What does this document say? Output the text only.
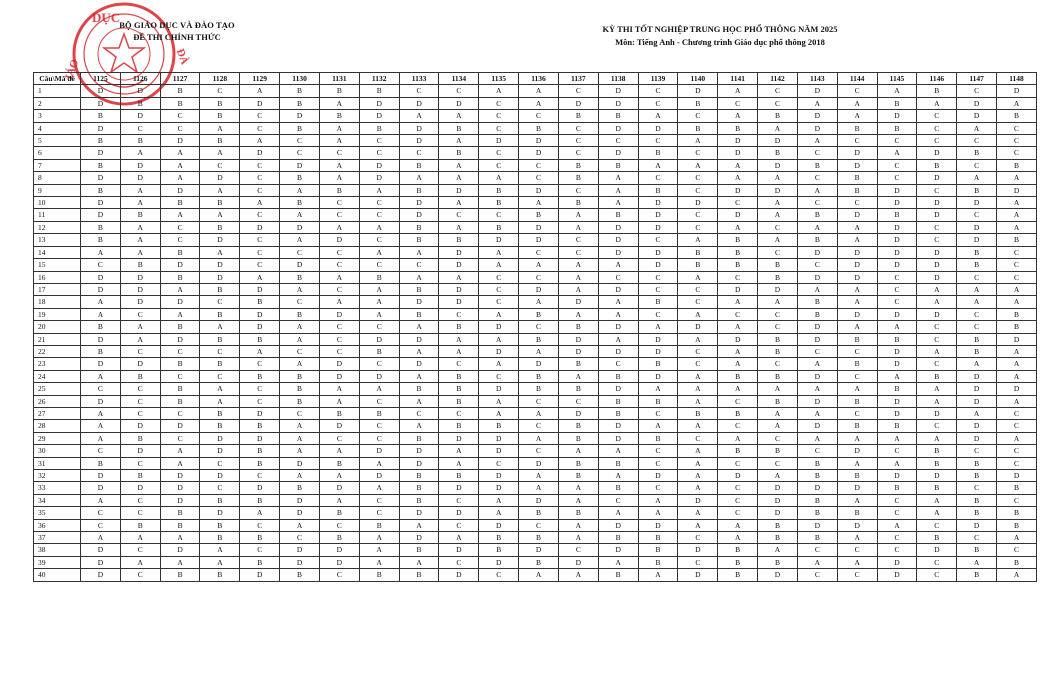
DỤC
IÁO
ĐÀ
BỘ GIÁO DỤC VÀ ĐÀO TẠO
ĐỀ THI CHÍNH THỨC
KỲ THI TỐT NGHIỆP TRUNG HỌC PHỔ THÔNG NĂM 2025
Môn: Tiếng Anh - Chương trình Giáo dục phổ thông 2018
Câu\Mã đề	1125	1126	1127	1128	1129	1130	1131	1132	1133	1134	1135	1136	1137	1138	1139	1140	1141	1142	1143	1144	1145	1146	1147	1148
1	D	D	B	C	A	B	B	B	C	C	A	A	C	D	C	D	A	C	D	C	A	B	C	D
2	D	B	B	B	D	B	A	D	D	D	C	A	D	D	C	B	C	C	A	A	B	A	D	A
3	B	D	C	B	C	D	B	D	A	A	C	C	B	B	A	C	A	B	D	A	D	C	D	B
4	D	C	C	A	C	B	A	B	D	B	C	B	C	D	D	B	B	A	D	B	B	C	A	C
5	B	B	D	B	A	C	A	C	D	A	D	D	C	C	C	A	D	D	A	C	C	C	C	C
6	D	A	A	A	D	C	C	C	C	B	C	D	C	D	B	C	D	B	C	D	A	D	B	C
7	B	D	A	C	C	D	A	D	B	A	C	C	B	B	A	A	A	D	B	D	C	B	C	B
8	D	D	A	D	C	B	A	D	A	A	A	C	B	A	C	C	A	A	C	B	C	D	A	A
9	B	A	D	A	C	A	B	A	B	D	B	D	C	A	B	C	D	D	A	B	D	C	B	D
10	D	A	B	B	A	B	C	C	D	A	B	A	B	A	D	D	C	A	C	C	D	D	D	A
11	D	B	A	A	C	A	C	C	D	C	C	B	A	B	D	C	D	A	B	D	B	D	C	A
12	B	A	C	B	D	D	A	A	B	A	B	D	A	D	D	C	A	C	A	A	D	C	D	A
13	B	A	C	D	C	A	D	C	B	B	D	D	C	D	C	A	B	A	B	A	D	C	D	B
14	A	A	B	A	C	C	C	A	A	D	A	C	C	D	D	B	B	C	D	D	D	D	B	C
15	C	B	D	D	C	D	C	C	C	D	A	A	A	A	D	B	B	B	C	D	D	D	B	C
16	D	D	B	D	A	B	A	B	A	A	C	C	A	C	C	A	C	B	D	D	C	D	C	C
17	D	D	A	B	D	A	C	A	B	D	C	D	A	D	C	C	D	D	A	A	C	A	A	A
18	A	D	D	C	B	C	A	A	D	D	C	A	D	A	B	C	A	A	B	A	C	A	A	A
19	A	C	A	B	D	B	D	A	B	C	A	B	A	A	C	A	C	C	B	D	D	D	C	B
20	B	A	B	A	D	A	C	C	A	B	D	C	B	D	A	D	A	C	D	A	A	C	C	B
21	D	A	D	B	B	A	C	D	D	A	A	B	D	A	D	A	D	B	D	B	B	C	B	D
22	B	C	C	C	A	C	C	B	A	A	D	A	D	D	D	C	A	B	C	C	D	A	B	A
23	D	D	B	B	C	A	D	C	D	C	A	D	B	C	B	C	A	C	A	B	D	C	A	A
24	A	B	C	C	B	B	D	D	A	B	C	B	A	B	D	A	B	B	D	C	A	B	D	A
25	C	C	B	A	C	B	A	A	B	B	D	B	B	D	A	A	A	A	A	A	B	A	D	D
26	D	C	B	A	C	B	A	C	A	B	A	C	C	B	B	A	C	B	D	B	D	A	D	A
27	A	C	C	B	D	C	B	B	C	C	A	A	D	B	C	B	B	A	A	C	D	D	A	C
28	A	D	D	B	B	A	D	C	A	B	B	C	B	D	A	A	C	A	D	B	B	C	D	C
29	A	B	C	D	D	A	C	C	B	D	D	A	B	D	B	C	A	C	A	A	A	A	D	A
30	C	D	A	D	B	A	A	D	D	A	D	C	A	A	C	A	B	B	C	D	C	B	C	C
31	B	C	A	C	B	D	B	A	D	A	C	D	B	B	C	A	C	C	B	A	A	B	B	C
32	D	B	D	D	C	A	A	D	B	B	D	A	B	A	D	A	D	A	B	B	D	D	B	D
33	D	D	D	C	D	B	D	A	B	D	D	A	A	B	C	A	C	D	D	D	B	B	C	B
34	A	C	D	B	B	D	A	C	B	C	A	D	A	C	A	D	C	D	B	A	C	A	B	C
35	C	C	B	D	A	D	B	C	D	D	A	B	B	A	A	A	C	D	B	B	C	A	B	B
36	C	B	B	B	C	A	C	B	A	C	D	C	A	D	D	A	A	B	D	D	A	C	D	B
37	A	A	A	B	B	C	B	A	D	A	B	B	A	B	B	C	A	B	B	A	C	B	C	A
38	D	C	D	A	C	D	D	A	B	D	B	D	C	D	B	D	B	A	C	C	C	D	B	C
39	D	A	A	A	B	D	D	A	A	C	D	B	D	A	B	C	B	B	A	A	D	C	A	B
40	D	C	B	B	D	B	C	B	B	D	C	A	A	B	A	D	B	D	C	C	D	C	B	A
